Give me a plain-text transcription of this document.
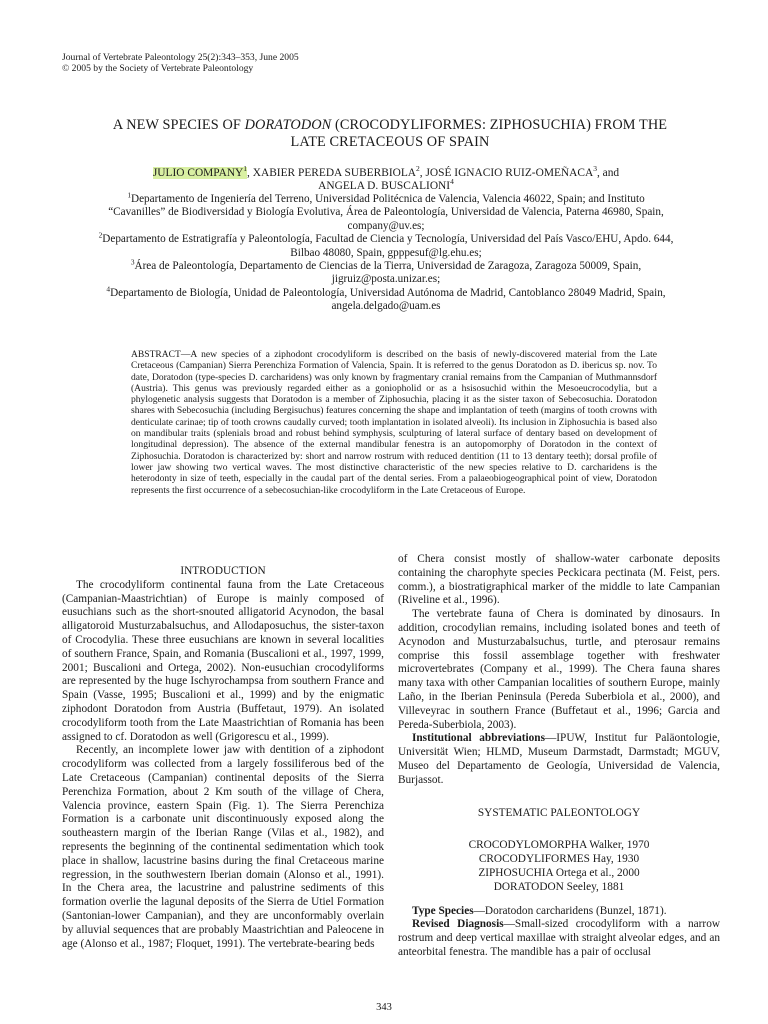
Journal of Vertebrate Paleontology 25(2):343–353, June 2005
© 2005 by the Society of Vertebrate Paleontology
A NEW SPECIES OF DORATODON (CROCODYLIFORMES: ZIPHOSUCHIA) FROM THE
LATE CRETACEOUS OF SPAIN
JULIO COMPANY$^1$, XABIER PEREDA SUBERBIOLA$^2$, JOSÉ IGNACIO RUIZ-OMEÑACA$^3$, and
ANGELA D. BUSCALIONI$^4$

$^1$Departamento de Ingeniería del Terreno, Universidad Politécnica de Valencia, Valencia 46022, Spain; and Instituto
“Cavanilles” de Biodiversidad y Biología Evolutiva, Área de Paleontología, Universidad de Valencia, Paterna 46980, Spain,
company@uv.es;

$^2$Departamento de Estratigrafía y Paleontología, Facultad de Ciencia y Tecnología, Universidad del País Vasco/EHU, Apdo. 644,
Bilbao 48080, Spain, gpppesuf@lg.ehu.es;

$^3$Área de Paleontología, Departamento de Ciencias de la Tierra, Universidad de Zaragoza, Zaragoza 50009, Spain,
jigruiz@posta.unizar.es;

$^4$Departamento de Biología, Unidad de Paleontología, Universidad Autónoma de Madrid, Cantoblanco 28049 Madrid, Spain,
angela.delgado@uam.es

ABSTRACT—A new species of a ziphodont crocodyliform is described on the basis of newly-discovered material from the Late Cretaceous (Campanian) Sierra Perenchiza Formation of Valencia, Spain. It is referred to the genus Doratodon as D. ibericus sp. nov. To date, Doratodon (type-species D. carcharidens) was only known by fragmentary cranial remains from the Campanian of Muthmannsdorf (Austria). This genus was previously regarded either as a goniopholid or as a hsisosuchid within the Mesoeucrocodylia, but a phylogenetic analysis suggests that Doratodon is a member of Ziphosuchia, placing it as the sister taxon of Sebecosuchia. Doratodon shares with Sebecosuchia (including Bergisuchus) features concerning the shape and implantation of teeth (margins of tooth crowns with denticulate carinae; tip of tooth crowns caudally curved; tooth implantation in isolated alveoli). Its inclusion in Ziphosuchia is based also on mandibular traits (splenials broad and robust behind symphysis, sculpturing of lateral surface of dentary based on development of longitudinal depression). The absence of the external mandibular fenestra is an autopomorphy of Doratodon in the context of Ziphosuchia. Doratodon is characterized by: short and narrow rostrum with reduced dentition (11 to 13 dentary teeth); dorsal profile of lower jaw showing two vertical waves. The most distinctive characteristic of the new species relative to D. carcharidens is the heterodonty in size of teeth, especially in the caudal part of the dental series. From a palaeobiogeographical point of view, Doratodon represents the first occurrence of a sebecosuchian-like crocodyliform in the Late Cretaceous of Europe.

INTRODUCTION

The crocodyliform continental fauna from the Late Cretaceous (Campanian-Maastrichtian) of Europe is mainly composed of eusuchians such as the short-snouted alligatorid Acynodon, the basal alligatoroid Musturzabalsuchus, and Allodaposuchus, the sister-taxon of Crocodylia. These three eusuchians are known in several localities of southern France, Spain, and Romania (Buscalioni et al., 1997, 1999, 2001; Buscalioni and Ortega, 2002). Non-eusuchian crocodyliforms are represented by the huge Ischyrochampsa from southern France and Spain (Vasse, 1995; Buscalioni et al., 1999) and by the enigmatic ziphodont Doratodon from Austria (Buffetaut, 1979). An isolated crocodyliform tooth from the Late Maastrichtian of Romania has been assigned to cf. Doratodon as well (Grigorescu et al., 1999).

Recently, an incomplete lower jaw with dentition of a ziphodont crocodyliform was collected from a largely fossiliferous bed of the Late Cretaceous (Campanian) continental deposits of the Sierra Perenchiza Formation, about 2 Km south of the village of Chera, Valencia province, eastern Spain (Fig. 1). The Sierra Perenchiza Formation is a carbonate unit discontinuously exposed along the southeastern margin of the Iberian Range (Vilas et al., 1982), and represents the beginning of the continental sedimentation which took place in shallow, lacustrine basins during the final Cretaceous marine regression, in the southwestern Iberian domain (Alonso et al., 1991). In the Chera area, the lacustrine and palustrine sediments of this formation overlie the lagunal deposits of the Sierra de Utiel Formation (Santonian-lower Campanian), and they are unconformably overlain by alluvial sequences that are probably Maastrichtian and Paleocene in age (Alonso et al., 1987; Floquet, 1991). The vertebrate-bearing beds

of Chera consist mostly of shallow-water carbonate deposits containing the charophyte species Peckicara pectinata (M. Feist, pers. comm.), a biostratigraphical marker of the middle to late Campanian (Riveline et al., 1996).

The vertebrate fauna of Chera is dominated by dinosaurs. In addition, crocodylian remains, including isolated bones and teeth of Acynodon and Musturzabalsuchus, turtle, and pterosaur remains comprise this fossil assemblage together with freshwater microvertebrates (Company et al., 1999). The Chera fauna shares many taxa with other Campanian localities of southern Europe, mainly Laño, in the Iberian Peninsula (Pereda Suberbiola et al., 2000), and Villeveyrac in southern France (Buffetaut et al., 1996; Garcia and Pereda-Suberbiola, 2003).

Institutional abbreviations—IPUW, Institut fur Paläontologie, Universität Wien; HLMD, Museum Darmstadt, Darmstadt; MGUV, Museo del Departamento de Geología, Universidad de Valencia, Burjassot.

SYSTEMATIC PALEONTOLOGY

CROCODYLOMORPHA Walker, 1970

CROCODYLIFORMES Hay, 1930

ZIPHOSUCHIA Ortega et al., 2000

DORATODON Seeley, 1881

Type Species—Doratodon carcharidens (Bunzel, 1871).

Revised Diagnosis—Small-sized crocodyliform with a narrow rostrum and deep vertical maxillae with straight alveolar edges, and an anteorbital fenestra. The mandible has a pair of occlusal

343
